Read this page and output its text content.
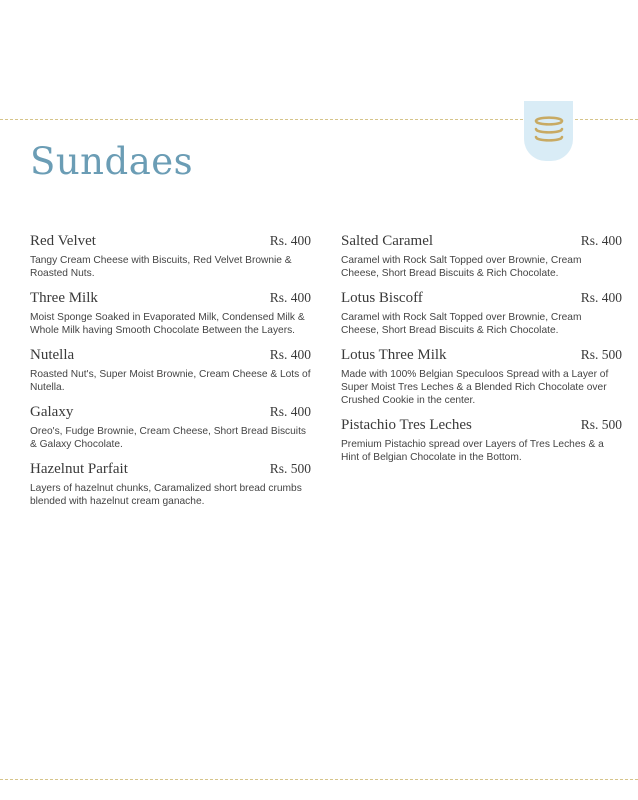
Sundaes
Red Velvet	Rs. 400
Tangy Cream Cheese with Biscuits, Red Velvet Brownie & Roasted Nuts.
Three Milk	Rs. 400
Moist Sponge Soaked in Evaporated Milk, Condensed Milk & Whole Milk having Smooth Chocolate Between the Layers.
Nutella	Rs. 400
Roasted Nut's, Super Moist Brownie, Cream Cheese & Lots of Nutella.
Galaxy	Rs. 400
Oreo's, Fudge Brownie, Cream Cheese, Short Bread Biscuits & Galaxy Chocolate.
Hazelnut Parfait	Rs. 500
Layers of hazelnut chunks, Caramalized short bread crumbs blended with hazelnut cream ganache.
Salted Caramel	Rs. 400
Caramel with Rock Salt Topped over Brownie, Cream Cheese, Short Bread Biscuits & Rich Chocolate.
Lotus Biscoff	Rs. 400
Caramel with Rock Salt Topped over Brownie, Cream Cheese, Short Bread Biscuits & Rich Chocolate.
Lotus Three Milk	Rs. 500
Made with 100% Belgian Speculoos Spread with a Layer of Super Moist Tres Leches & a Blended Rich Chocolate over Crushed Cookie in the center.
Pistachio Tres Leches	Rs. 500
Premium Pistachio spread over Layers of Tres Leches & a Hint of Belgian Chocolate in the Bottom.
